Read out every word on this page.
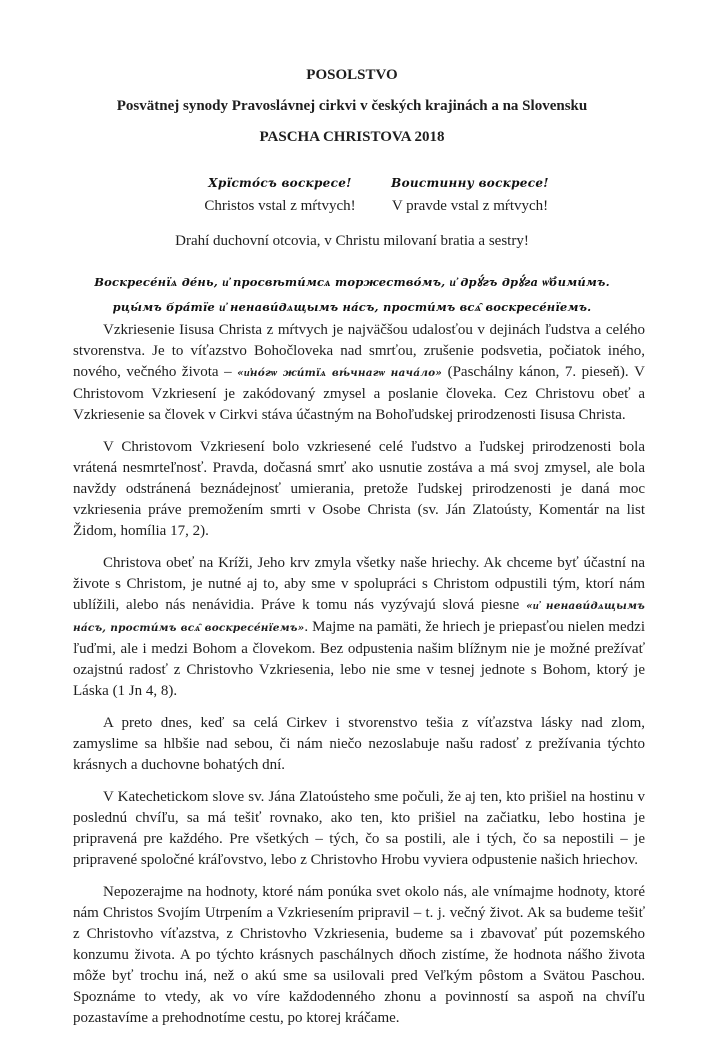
POSOLSTVO
Posvätnej synody Pravoslávnej cirkvi v českých krajinách a na Slovensku
PASCHA CHRISTOVA 2018
Хрїсто́съ воскресе!
Christos vstal z mŕtvych!
Воистинну воскресе!
V pravde vstal z mŕtvych!
Drahí duchovní otcovia, v Christu milovaní bratia a sestry!
Воскресе́нїѧ де́нь, и҆ просвѣти́мсѧ торжество́мъ, и҆ дрꙋ́гъ дрꙋ́га ѡ҆б̾ими́мъ.
рцы́мъ бра́тїе и҆ ненави́дѧщымъ на́съ, прости́мъ всѧ̑ воскресе́нїемъ.

Vzkriesenie Iisusa Christa z mŕtvych je najväčšou udalosťou v dejinách ľudstva a celého stvorenstva. Je to víťazstvo Bohočloveka nad smrťou, zrušenie podsvetia, počiatok iného, nového, večného života – «и҆но́гѡ жи́тїѧ вѣ́чнагѡ нача́ло» (Paschálny kánon, 7. pieseň). V Christovom Vzkriesení je zakódovaný zmysel a poslanie človeka. Cez Christovu obeť a Vzkriesenie sa človek v Cirkvi stáva účastným na Bohoľudskej prirodzenosti Iisusa Christa.

V Christovom Vzkriesení bolo vzkriesené celé ľudstvo a ľudskej prirodzenosti bola vrátená nesmrteľnosť. Pravda, dočasná smrť ako usnutie zostáva a má svoj zmysel, ale bola navždy odstránená beznádejnosť umierania, pretože ľudskej prirodzenosti je daná moc vzkriesenia práve premožením smrti v Osobe Christa (sv. Ján Zlatoústy, Komentár na list Židom, homília 17, 2).

Christova obeť na Kríži, Jeho krv zmyla všetky naše hriechy. Ak chceme byť účastní na živote s Christom, je nutné aj to, aby sme v spolupráci s Christom odpustili tým, ktorí nám ublížili, alebo nás nenávidia. Práve k tomu nás vyzývajú slová piesne «и҆ ненави́дѧщымъ на́съ, прости́мъ всѧ̑ воскресе́нїемъ». Majme na pamäti, že hriech je priepasťou nielen medzi ľuďmi, ale i medzi Bohom a človekom. Bez odpustenia našim blížnym nie je možné prežívať ozajstnú radosť z Christovho Vzkriesenia, lebo nie sme v tesnej jednote s Bohom, ktorý je Láska (1 Jn 4, 8).

A preto dnes, keď sa celá Cirkev i stvorenstvo tešia z víťazstva lásky nad zlom, zamyslime sa hlbšie nad sebou, či nám niečo nezoslabuje našu radosť z prežívania týchto krásnych a duchovne bohatých dní.

V Katechetickom slove sv. Jána Zlatoústeho sme počuli, že aj ten, kto prišiel na hostinu v poslednú chvíľu, sa má tešiť rovnako, ako ten, kto prišiel na začiatku, lebo hostina je pripravená pre každého. Pre všetkých – tých, čo sa postili, ale i tých, čo sa nepostili – je pripravené spoločné kráľovstvo, lebo z Christovho Hrobu vyviera odpustenie našich hriechov.

Nepozerajme na hodnoty, ktoré nám ponúka svet okolo nás, ale vnímajme hodnoty, ktoré nám Christos Svojím Utrpením a Vzkriesením pripravil – t. j. večný život. Ak sa budeme tešiť z Christovho víťazstva, z Christovho Vzkriesenia, budeme sa i zbavovať pút pozemského konzumu života. A po týchto krásnych paschálnych dňoch zistíme, že hodnota nášho života môže byť trochu iná, než o akú sme sa usilovali pred Veľkým pôstom a Svätou Paschou. Spoznáme to vtedy, ak vo víre každodenného zhonu a povinností sa aspoň na chvíľu pozastavíme a prehodnotíme cestu, po ktorej kráčame.
